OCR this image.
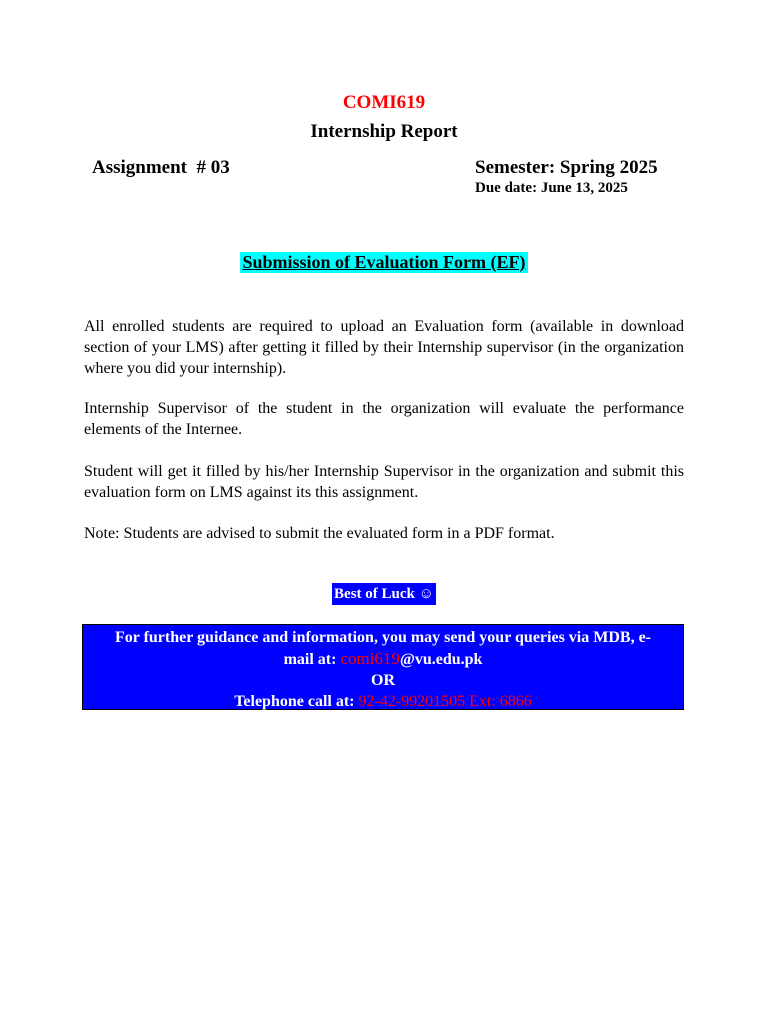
COMI619
Internship Report
Assignment  # 03	Semester: Spring 2025
Due date: June 13, 2025
Submission of Evaluation Form (EF)
All enrolled students are required to upload an Evaluation form (available in download section of your LMS) after getting it filled by their Internship supervisor (in the organization where you did your internship).
Internship Supervisor of the student in the organization will evaluate the performance elements of the Internee.
Student will get it filled by his/her Internship Supervisor in the organization and submit this evaluation form on LMS against its this assignment.
Note: Students are advised to submit the evaluated form in a PDF format.
Best of Luck ☺
For further guidance and information, you may send your queries via MDB, e-
mail at: comi619@vu.edu.pk
OR
Telephone call at: 92-42-99201505 Ext: 6866
